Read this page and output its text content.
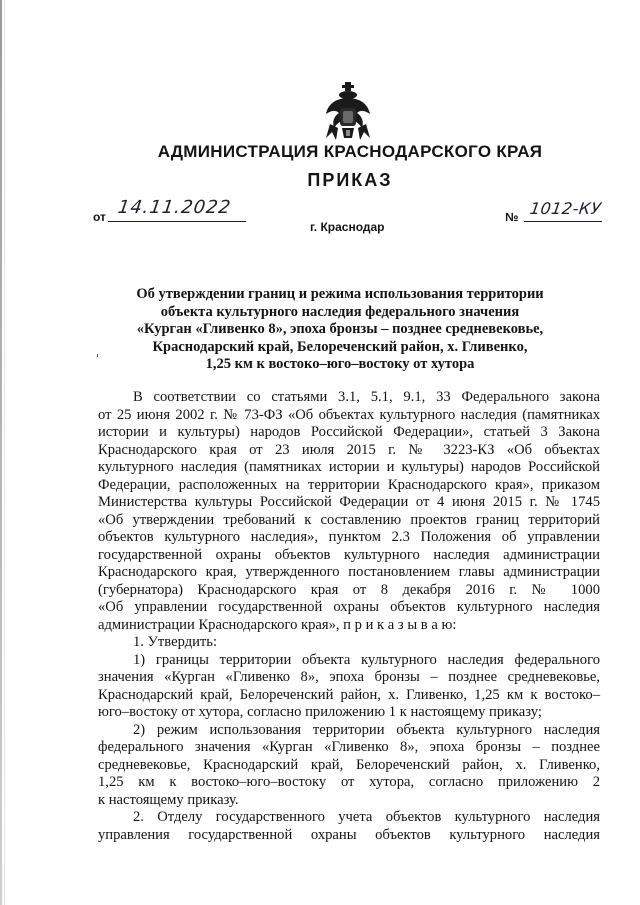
АДМИНИСТРАЦИЯ КРАСНОДАРСКОГО КРАЯ
ПРИКАЗ
от 14.11.2022
г. Краснодар
№ 1012-КУ
Об утверждении границ и режима использования территории
объекта культурного наследия федерального значения
«Курган «Гливенко 8», эпоха бронзы – позднее средневековье,
Краснодарский край, Белореченский район, х. Гливенко,
1,25 км к востоко–юго–востоку от хутора
В соответствии со статьями 3.1, 5.1, 9.1, 33 Федерального закона
от 25 июня 2002 г. № 73-ФЗ «Об объектах культурного наследия (памятниках
истории и культуры) народов Российской Федерации», статьей 3 Закона
Краснодарского края от 23 июля 2015 г. № 3223-КЗ «Об объектах
культурного наследия (памятниках истории и культуры) народов Российской
Федерации, расположенных на территории Краснодарского края», приказом
Министерства культуры Российской Федерации от 4 июня 2015 г. № 1745
«Об утверждении требований к составлению проектов границ территорий
объектов культурного наследия», пунктом 2.3 Положения об управлении
государственной охраны объектов культурного наследия администрации
Краснодарского края, утвержденного постановлением главы администрации
(губернатора) Краснодарского края от 8 декабря 2016 г. № 1000
«Об управлении государственной охраны объектов культурного наследия
администрации Краснодарского края», п р и к а з ы в а ю:
1. Утвердить:
1) границы территории объекта культурного наследия федерального
значения «Курган «Гливенко 8», эпоха бронзы – позднее средневековье,
Краснодарский край, Белореченский район, х. Гливенко, 1,25 км к востоко–
юго–востоку от хутора, согласно приложению 1 к настоящему приказу;
2) режим использования территории объекта культурного наследия
федерального значения «Курган «Гливенко 8», эпоха бронзы – позднее
средневековье, Краснодарский край, Белореченский район, х. Гливенко,
1,25 км к востоко–юго–востоку от хутора, согласно приложению 2
к настоящему приказу.
2. Отделу государственного учета объектов культурного наследия
управления государственной охраны объектов культурного наследия
